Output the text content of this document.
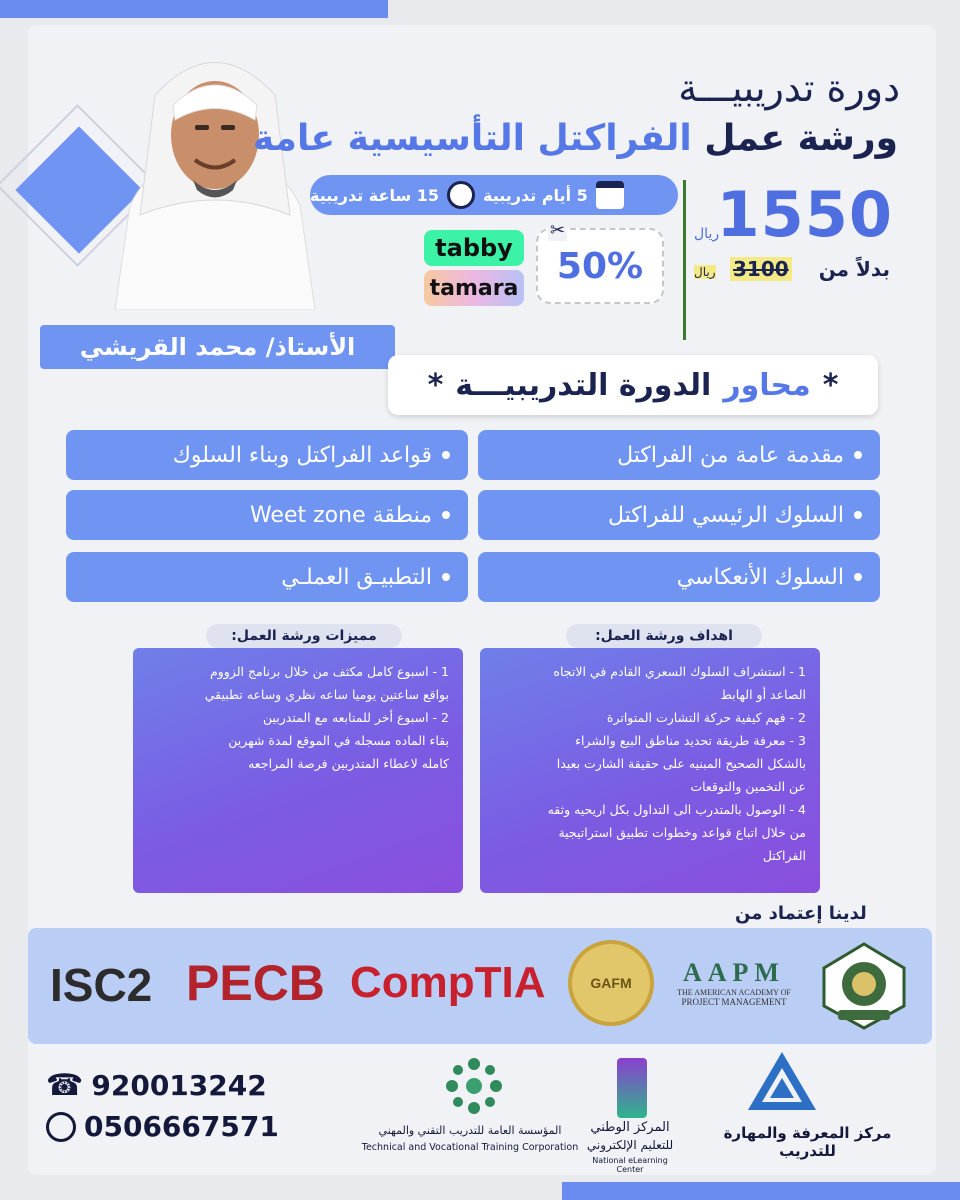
الأستاذ/ محمد القريشي
دورة تدريبيـــة
ورشة عمل الفراكتل التأسيسية عامة
5 أيام تدريبية
15 ساعة تدريبية	1550
ريال
بدلاً من
3100
ريال
50%
✂
tabby
tamara
*
محاور
الدورة التدريبيـــة
*
مقدمة عامة من الفراكتل
قواعد الفراكتل وبناء السلوك
السلوك الرئيسي للفراكتل
منطقة Weet zone
السلوك الأنعكاسي
التطبيـق العملـي
اهداف ورشة العمل:
مميزات ورشة العمل:

1 - استشراف السلوك السعري القادم في الاتجاه

الصاعد أو الهابط

2 - فهم كيفية حركة التشارت المتواترة

3 - معرفة طريقة تحديد مناطق البيع والشراء

بالشكل الصحيح المبنيه على حقيقة الشارت بعيدا

عن التخمين والتوقعات

4 - الوصول بالمتدرب الى التداول بكل اريحيه وثقه

من خلال اتباع قواعد وخطوات تطبيق استراتيجية

الفراكتل

1 - اسبوع كامل مكثف من خلال برنامج الزووم

بواقع ساعتين يوميا ساعه نظري وساعه تطبيقي

2 - اسبوع أخر للمتابعه مع المتدربين

بقاء الماده مسجله في الموقع لمدة شهرين

كامله لاعطاء المتدربين فرصة المراجعه

لدينا إعتماد من
ISC2 PECB CompTIA	GAFM	AAPM
THE AMERICAN ACADEMY OF
PROJECT MANAGEMENT
☎ 920013242
0506667571	المؤسسة العامة للتدريب التقني والمهني
Technical and Vocational Training Corporation
المركز الوطني
للتعليم الإلكتروني
National eLearning Center
مركز المعرفة والمهارة للتدريب
